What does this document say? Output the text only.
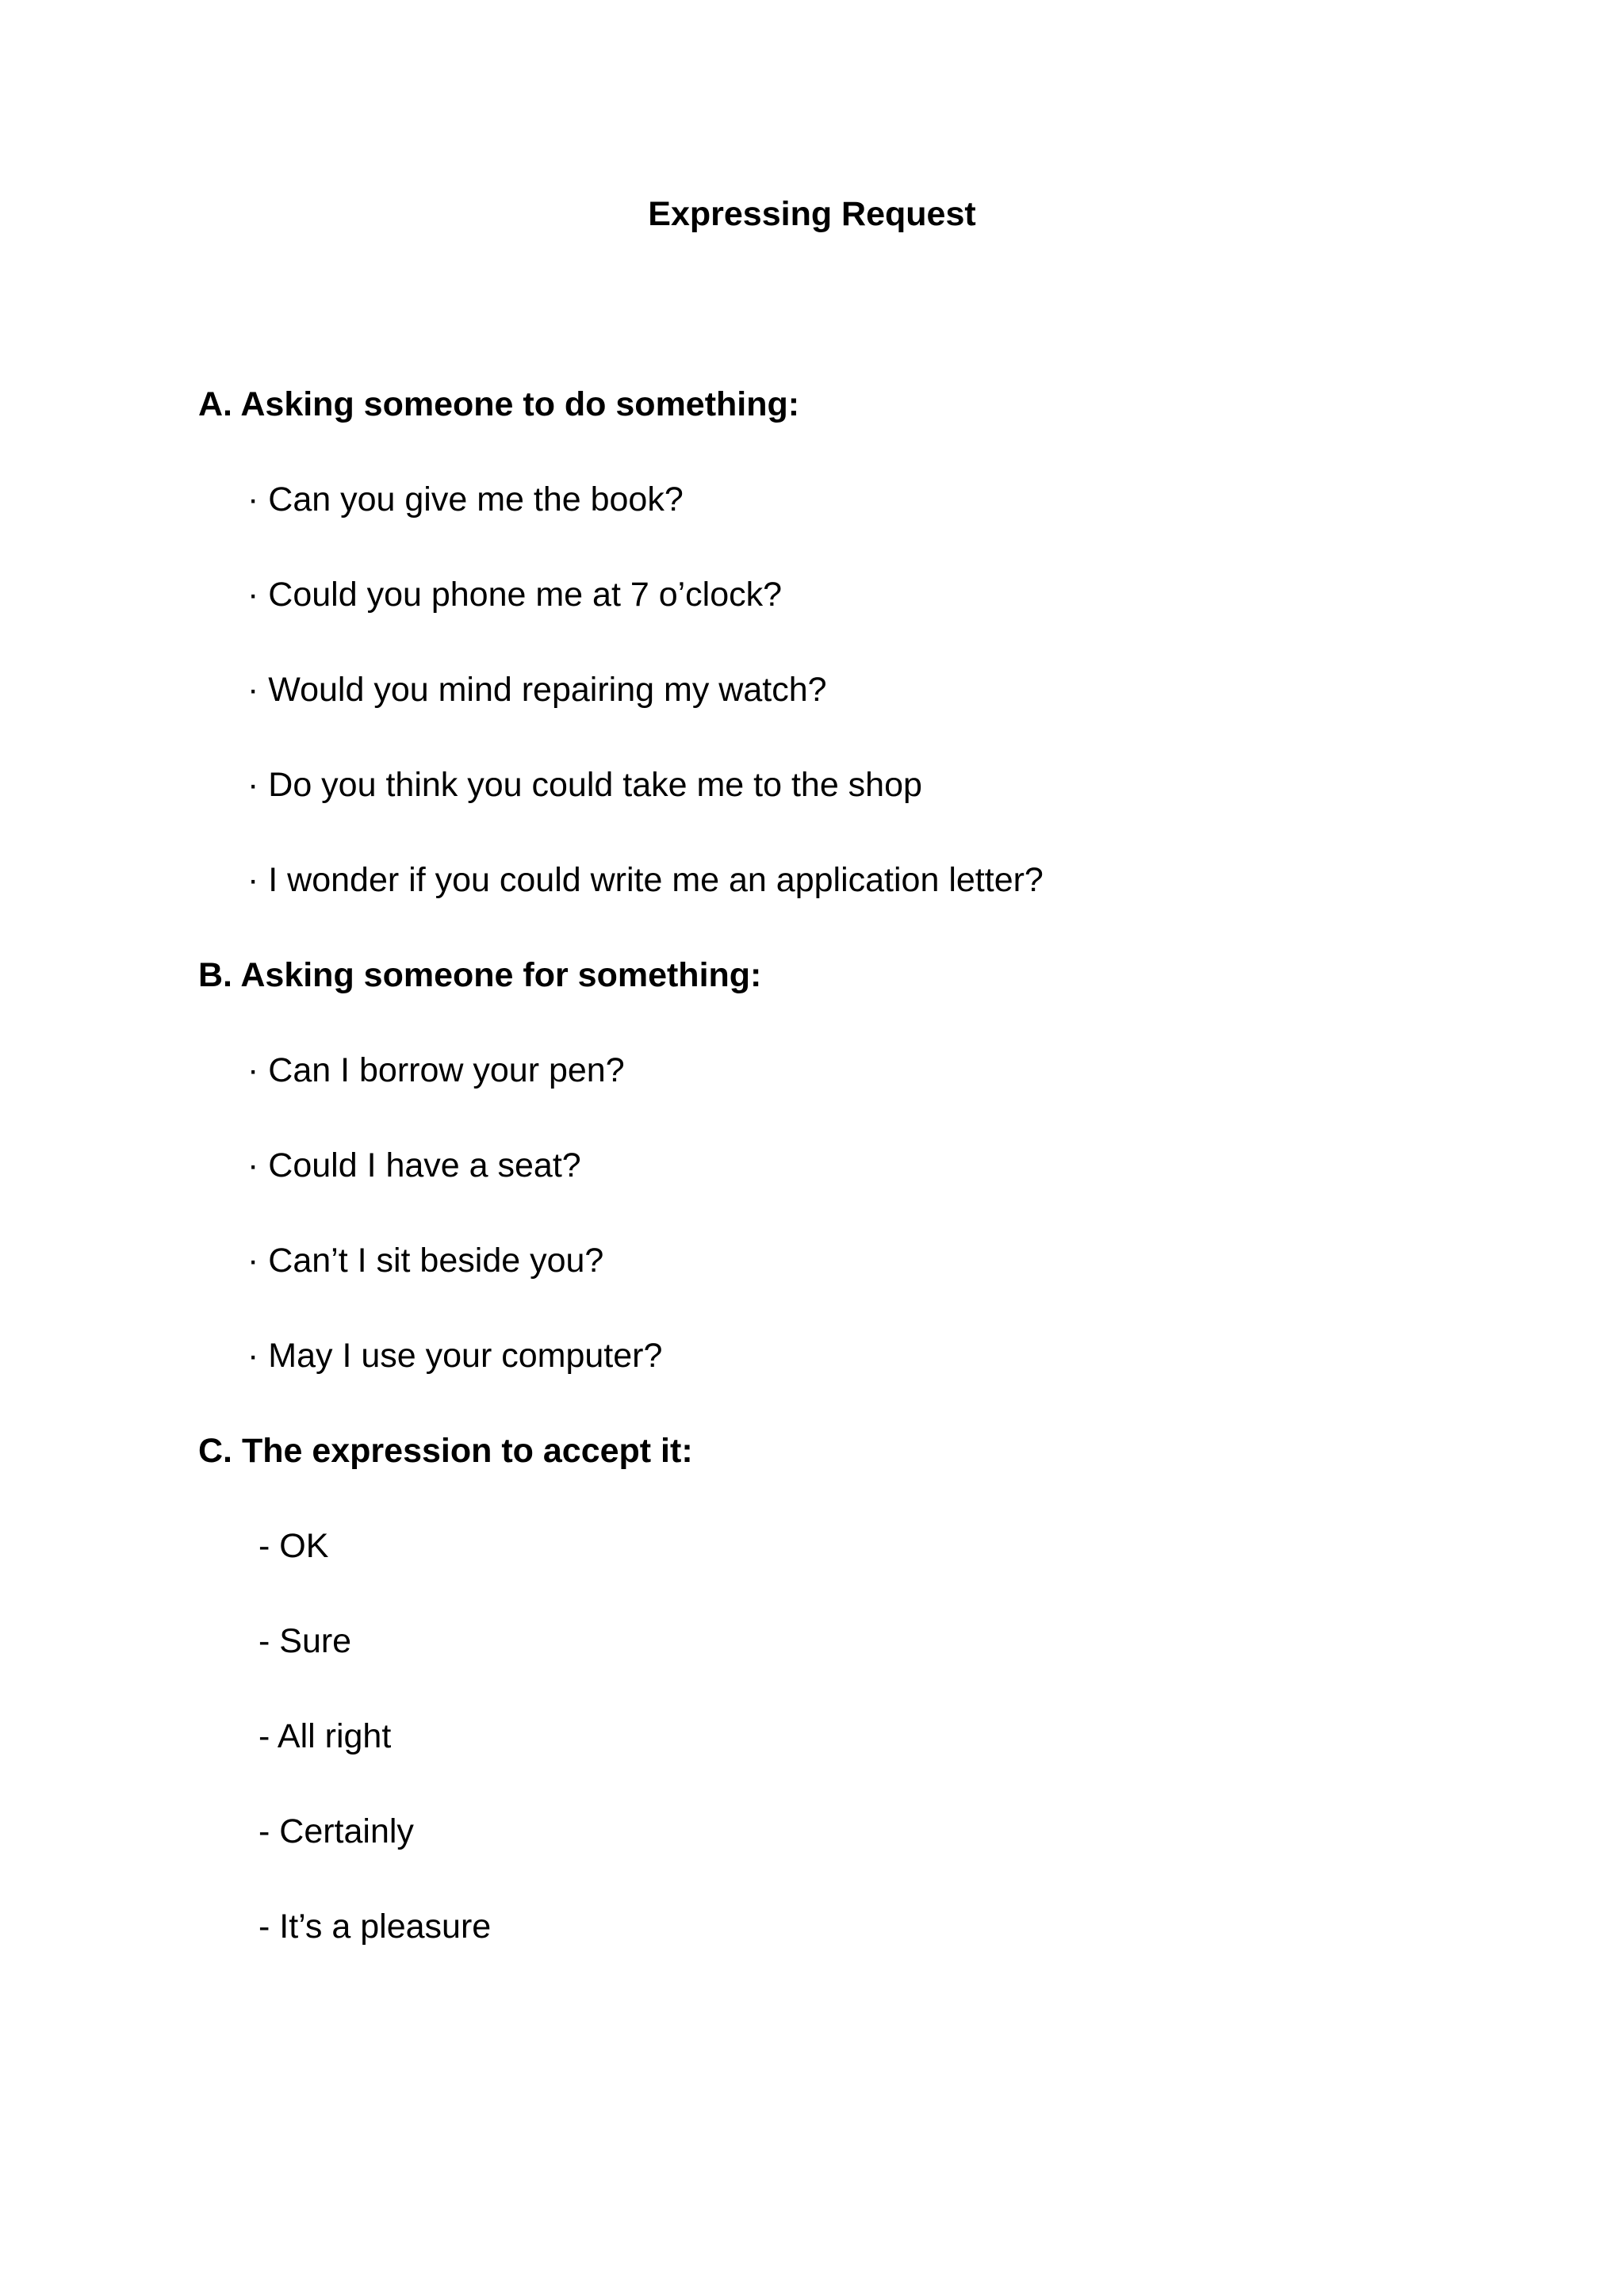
Expressing Request

A. Asking someone to do something:

· Can you give me the book?

· Could you phone me at 7 o’clock?

· Would you mind repairing my watch?

· Do you think you could take me to the shop

· I wonder if you could write me an application letter?

B. Asking someone for something:

· Can I borrow your pen?

· Could I have a seat?

· Can’t I sit beside you?

· May I use your computer?

C. The expression to accept it:

- OK

- Sure

- All right

- Certainly

- It’s a pleasure
